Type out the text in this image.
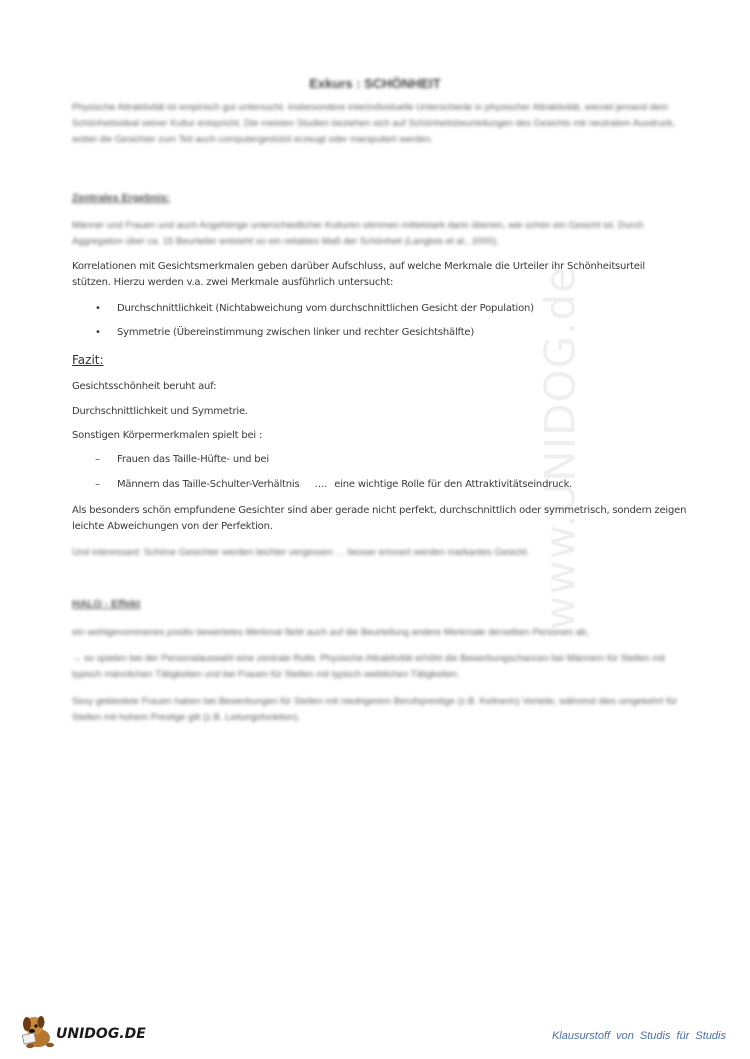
www.UNIDOG.de
Exkurs : SCHÖNHEIT
Physische Attraktivität ist empirisch gut untersucht. Insbesondere interindividuelle Unterschiede in physischer Attraktivität, wieviel jemand dem Schönheitsideal seiner Kultur entspricht. Die meisten Studien beziehen sich auf Schönheitsbeurteilungen des Gesichts mit neutralem Ausdruck, wobei die Gesichter zum Teil auch computergestützt erzeugt oder manipuliert werden.
Zentrales Ergebnis:
Männer und Frauen und auch Angehörige unterschiedlicher Kulturen stimmen mittelstark darin überein, wie schön ein Gesicht ist. Durch Aggregation über ca. 15 Beurteiler entsteht so ein reliables Maß der Schönheit (Langlois et al., 2000).
Korrelationen mit Gesichtsmerkmalen geben darüber Aufschluss, auf welche Merkmale die Urteiler ihr Schönheitsurteil stützen. Hierzu werden v.a. zwei Merkmale ausführlich untersucht:
• Durchschnittlichkeit (Nichtabweichung vom durchschnittlichen Gesicht der Population)
• Symmetrie (Übereinstimmung zwischen linker und rechter Gesichtshälfte)
Fazit:
Gesichtsschönheit beruht auf:
Durchschnittlichkeit und Symmetrie.
Sonstigen Körpermerkmalen spielt bei :
– Frauen das Taille-Hüfte- und bei
– Männern das Taille-Schulter-Verhältnis …. eine wichtige Rolle für den Attraktivitätseindruck.
Als besonders schön empfundene Gesichter sind aber gerade nicht perfekt, durchschnittlich oder symmetrisch, sondern zeigen leichte Abweichungen von der Perfektion.
Und interessant: Schöne Gesichter werden leichter vergessen … besser erinnert werden markantes Gesicht.
HALO - Effekt
ein wohlgenommenes positiv bewertetes Merkmal färbt auch auf die Beurteilung andere Merkmale derselben Personen ab,
→ so spielen bei der Personalauswahl eine zentrale Rolle. Physische Attraktivität erhöht die Bewerbungschancen bei Männern für Stellen mit typisch männlichen Tätigkeiten und bei Frauen für Stellen mit typisch weiblichen Tätigkeiten.
Sexy gekleidete Frauen haben bei Bewerbungen für Stellen mit niedrigerem Berufsprestige (z.B. Kellnerin) Vorteile, während dies umgekehrt für Stellen mit hohem Prestige gilt (z.B. Leitungsfunktion).
UNIDOG.DE	Klausurstoff von Studis für Studis
